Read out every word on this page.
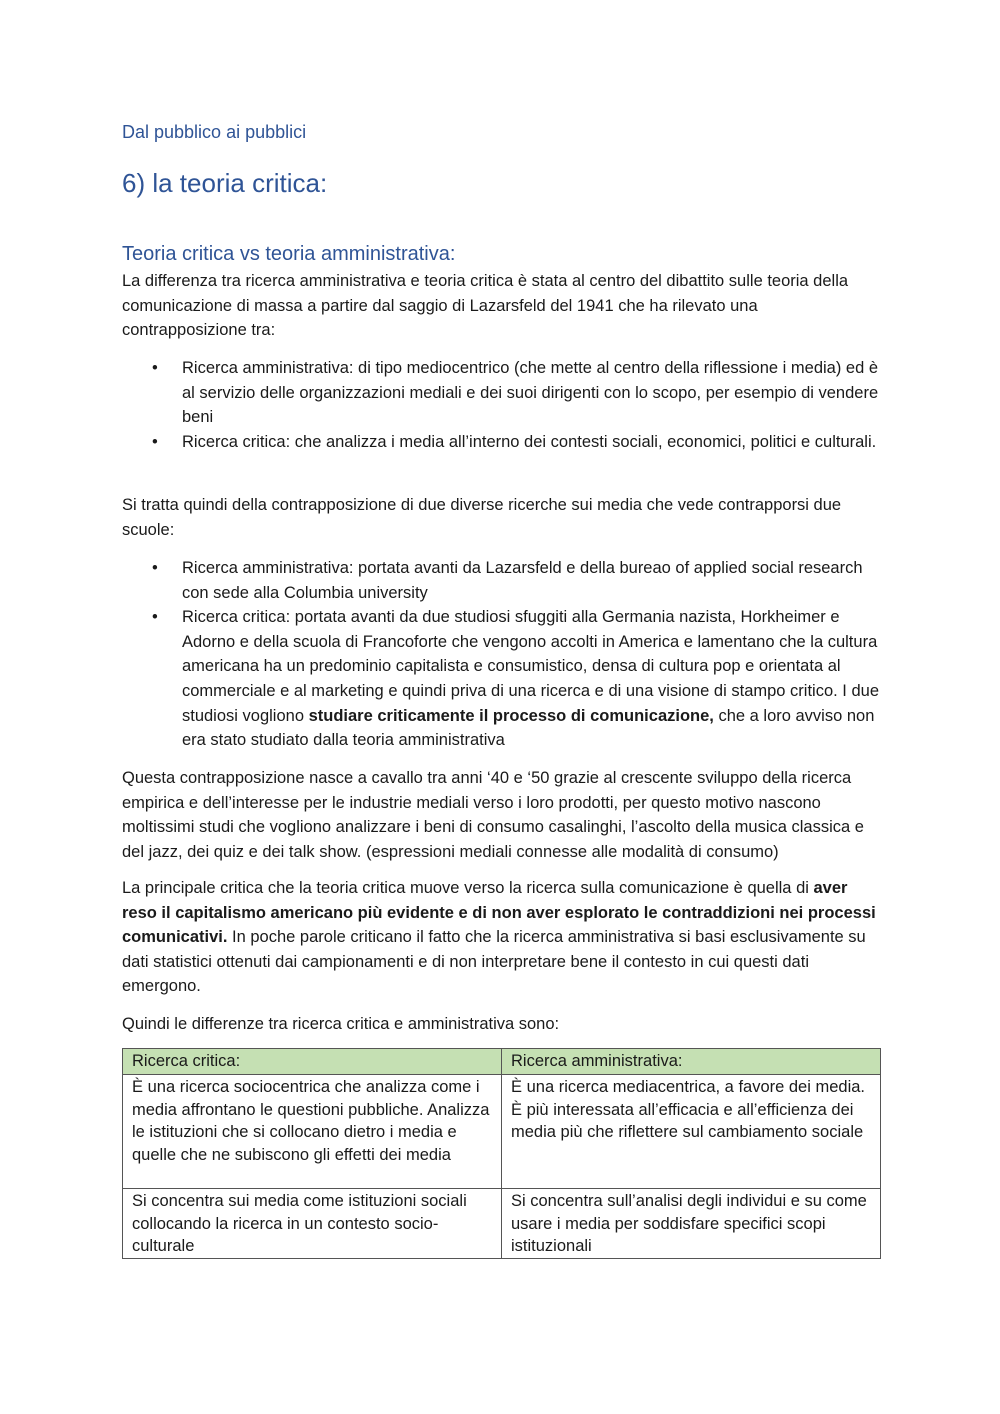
Dal pubblico ai pubblici
6) la teoria critica:
Teoria critica vs teoria amministrativa:

La differenza tra ricerca amministrativa e teoria critica è stata al centro del dibattito sulle teoria della comunicazione di massa a partire dal saggio di Lazarsfeld del 1941 che ha rilevato una contrapposizione tra:

• Ricerca amministrativa: di tipo mediocentrico (che mette al centro della riflessione i media) ed è al servizio delle organizzazioni mediali e dei suoi dirigenti con lo scopo, per esempio di vendere beni
• Ricerca critica: che analizza i media all’interno dei contesti sociali, economici, politici e culturali.

Si tratta quindi della contrapposizione di due diverse ricerche sui media che vede contrapporsi due scuole:

• Ricerca amministrativa: portata avanti da Lazarsfeld e della bureao of applied social research con sede alla Columbia university
• Ricerca critica: portata avanti da due studiosi sfuggiti alla Germania nazista, Horkheimer e Adorno e della scuola di Francoforte che vengono accolti in America e lamentano che la cultura americana ha un predominio capitalista e consumistico, densa di cultura pop e orientata al commerciale e al marketing e quindi priva di una ricerca e di una visione di stampo critico. I due studiosi vogliono studiare criticamente il processo di comunicazione, che a loro avviso non era stato studiato dalla teoria amministrativa

Questa contrapposizione nasce a cavallo tra anni ‘40 e ‘50 grazie al crescente sviluppo della ricerca empirica e dell’interesse per le industrie mediali verso i loro prodotti, per questo motivo nascono moltissimi studi che vogliono analizzare i beni di consumo casalinghi, l’ascolto della musica classica e del jazz, dei quiz e dei talk show. (espressioni mediali connesse alle modalità di consumo)

La principale critica che la teoria critica muove verso la ricerca sulla comunicazione è quella di aver reso il capitalismo americano più evidente e di non aver esplorato le contraddizioni nei processi comunicativi. In poche parole criticano il fatto che la ricerca amministrativa si basi esclusivamente su dati statistici ottenuti dai campionamenti e di non interpretare bene il contesto in cui questi dati emergono.

Quindi le differenze tra ricerca critica e amministrativa sono:

Ricerca critica:	Ricerca amministrativa:
È una ricerca sociocentrica che analizza come i media affrontano le questioni pubbliche. Analizza le istituzioni che si collocano dietro i media e quelle che ne subiscono gli effetti dei media	È una ricerca mediacentrica, a favore dei media. È più interessata all’efficacia e all’efficienza dei media più che riflettere sul cambiamento sociale
Si concentra sui media come istituzioni sociali collocando la ricerca in un contesto socio-culturale	Si concentra sull’analisi degli individui e su come usare i media per soddisfare specifici scopi istituzionali
